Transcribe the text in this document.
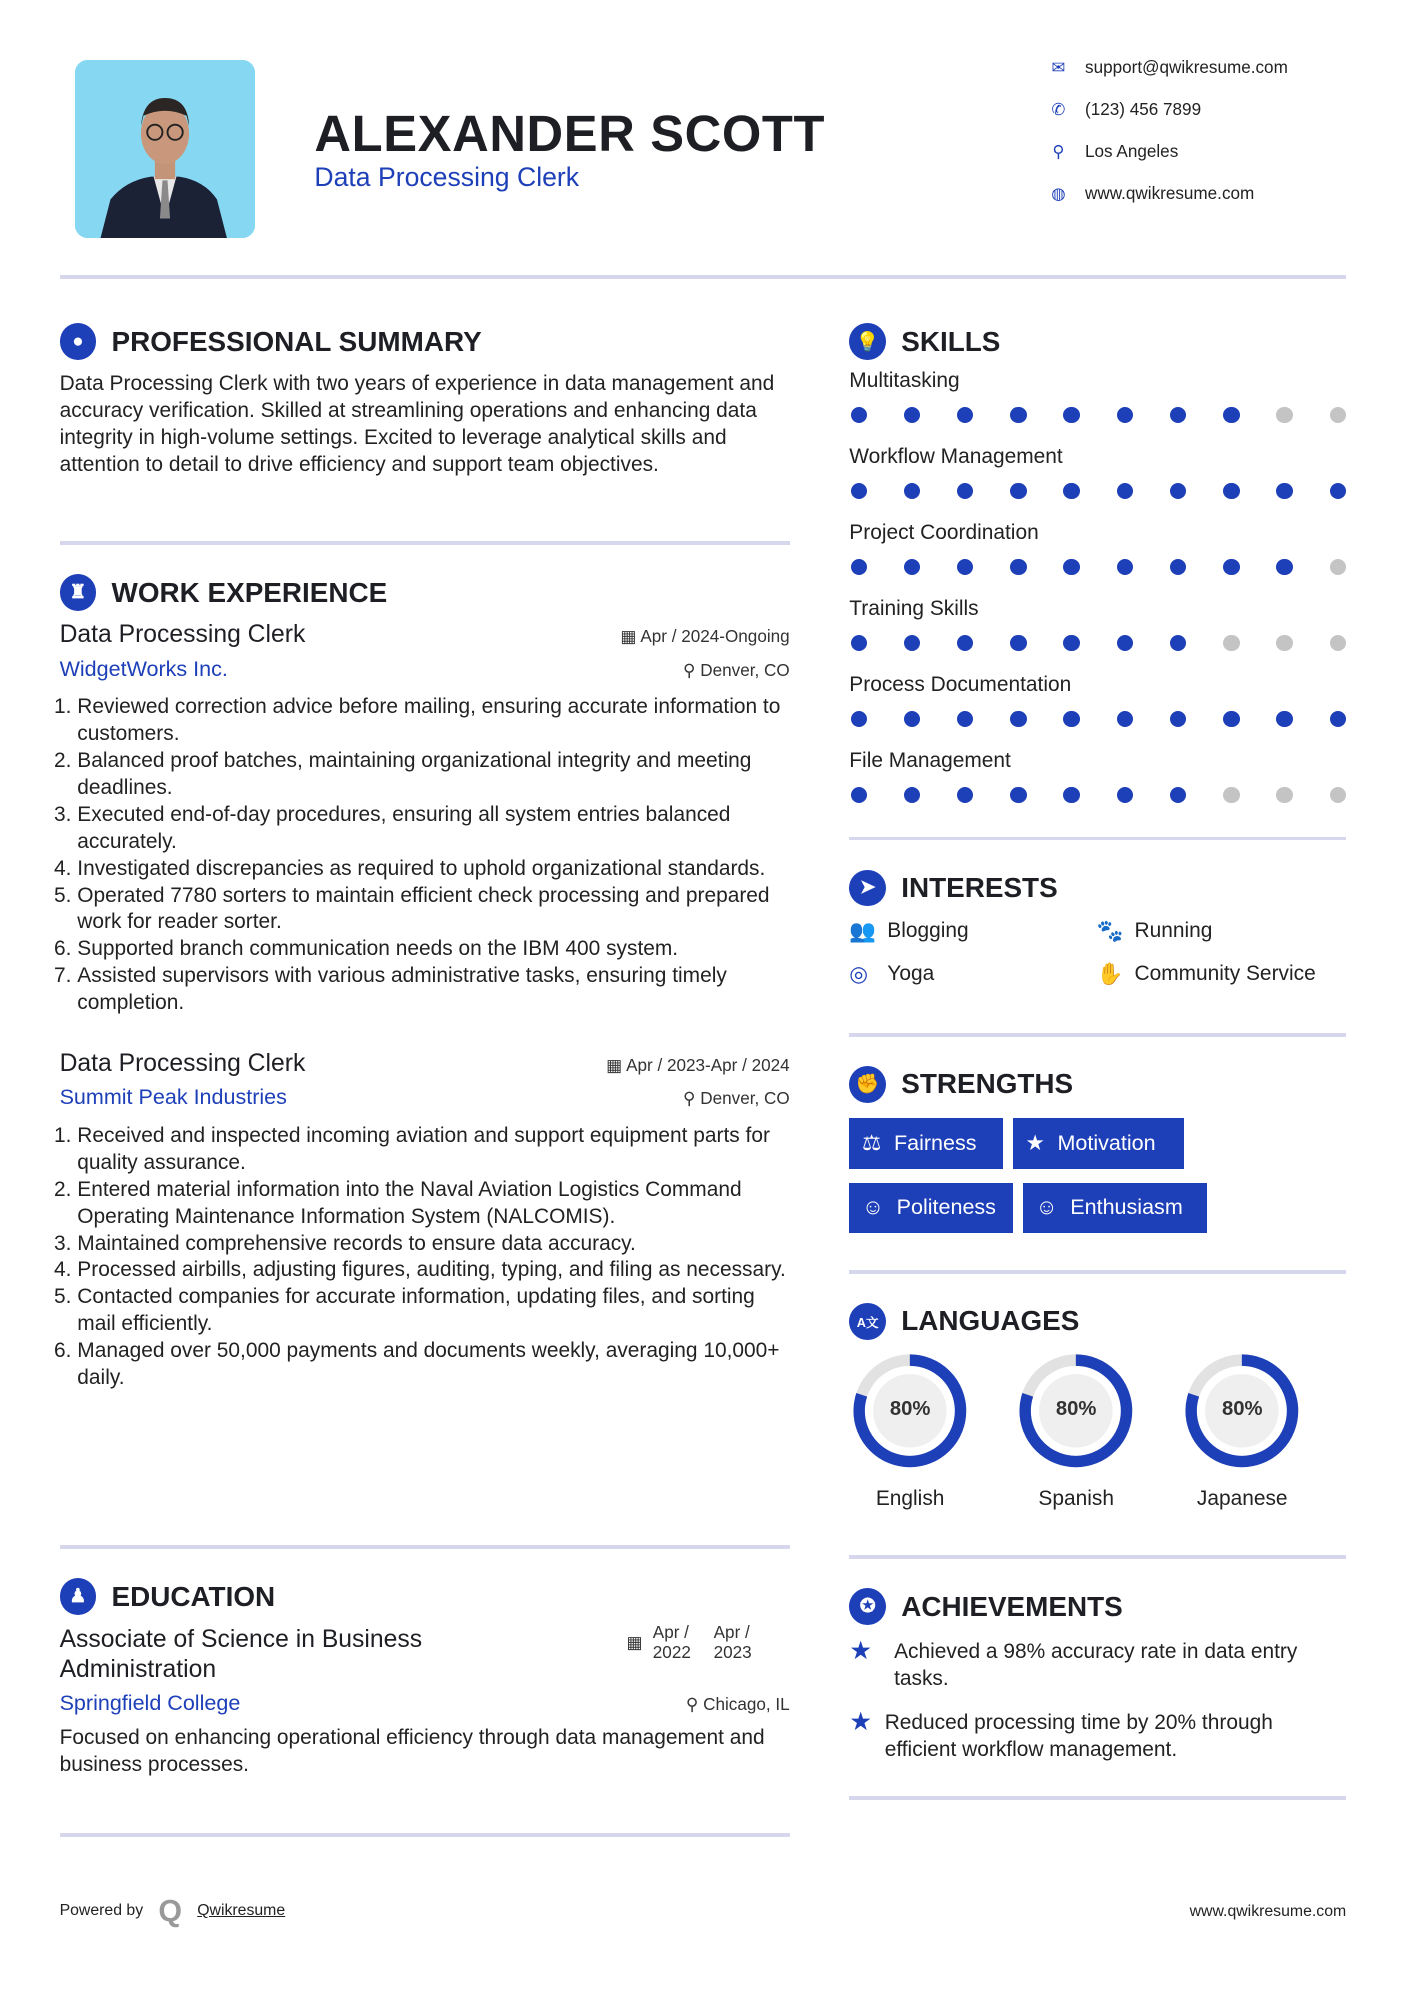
ALEXANDER SCOTT
Data Processing Clerk
✉ support@qwikresume.com
✆ (123) 456 7899
⚲ Los Angeles
◍ www.qwikresume.com
●	PROFESSIONAL SUMMARY

Data Processing Clerk with two years of experience in data management and accuracy verification. Skilled at streamlining operations and enhancing data integrity in high-volume settings. Excited to leverage analytical skills and attention to detail to drive efficiency and support team objectives.

♜	WORK EXPERIENCE
Data Processing Clerk	▦ Apr / 2024-Ongoing
WidgetWorks Inc.	⚲ Denver, CO
1. Reviewed correction advice before mailing, ensuring accurate information to customers.
2. Balanced proof batches, maintaining organizational integrity and meeting deadlines.
3. Executed end-of-day procedures, ensuring all system entries balanced accurately.
4. Investigated discrepancies as required to uphold organizational standards.
5. Operated 7780 sorters to maintain efficient check processing and prepared work for reader sorter.
6. Supported branch communication needs on the IBM 400 system.
7. Assisted supervisors with various administrative tasks, ensuring timely completion.
Data Processing Clerk	▦ Apr / 2023-Apr / 2024
Summit Peak Industries	⚲ Denver, CO
1. Received and inspected incoming aviation and support equipment parts for quality assurance.
2. Entered material information into the Naval Aviation Logistics Command Operating Maintenance Information System (NALCOMIS).
3. Maintained comprehensive records to ensure data accuracy.
4. Processed airbills, adjusting figures, auditing, typing, and filing as necessary.
5. Contacted companies for accurate information, updating files, and sorting mail efficiently.
6. Managed over 50,000 payments and documents weekly, averaging 10,000+ daily.
♟	EDUCATION
Associate of Science in Business Administration
▦
Apr / 2022
Apr / 2023
Springfield College	⚲ Chicago, IL

Focused on enhancing operational efficiency through data management and business processes.

💡 SKILLS
Multitasking
Workflow Management
Project Coordination
Training Skills
Process Documentation
File Management
➤	INTERESTS
👥 Blogging	🐾 Running
◎	Yoga	✋ Community Service
✊ STRENGTHS
⚖ Fairness	★ Motivation
☺ Politeness ☺ Enthusiasm
A文	LANGUAGES
80%
English
80%
Spanish
80%
Japanese
✪	ACHIEVEMENTS
★	Achieved a 98% accuracy rate in data entry tasks.
★ Reduced processing time by 20% through efficient workflow management.
Powered by Q Qwikresume	www.qwikresume.com
